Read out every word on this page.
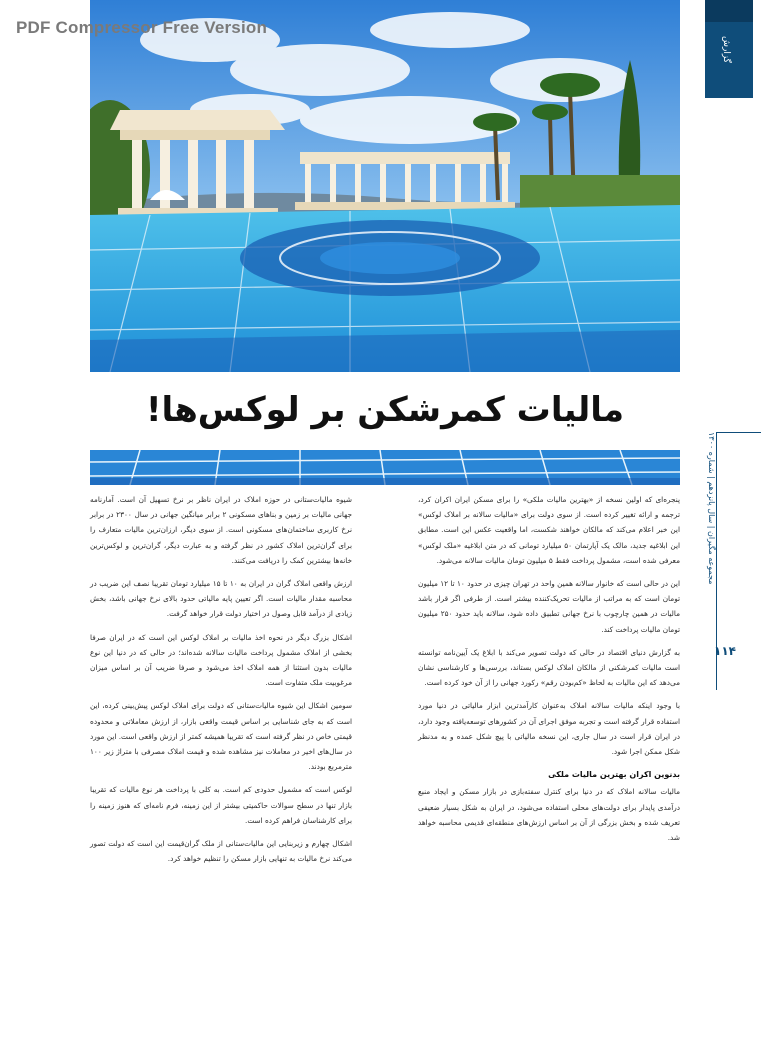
PDF Compressor Free Version
مالیات کمرشکن بر لوکس‌ها!

پنجره‌ای که اولین نسخه از «بهترین مالیات ملکی» را برای مسکن ایران اکران کرد، ترجمه و ارائه تغییر کرده است. از سوی دولت برای «مالیات سالانه بر املاک لوکس» این خبر اعلام می‌کند که مالکان خواهند شکست، اما واقعیت عکس این است. مطابق این ابلاغیه جدید، مالک یک آپارتمان ۵۰ میلیارد تومانی که در متن ابلاغیه «ملک لوکس» معرفی شده است، مشمول پرداخت فقط ۵ میلیون تومان مالیات سالانه می‌شود.

این در حالی است که خانوار سالانه همین واحد در تهران چیزی در حدود ۱۰ تا ۱۲ میلیون تومان است که به مراتب از مالیات تحریک‌کننده بیشتر است. از طرفی اگر قرار باشد مالیات در همین چارچوب با نرخ جهانی تطبیق داده شود، سالانه باید حدود ۲۵۰ میلیون تومان مالیات پرداخت کند.

به گزارش دنیای اقتصاد در حالی که دولت تصویر می‌کند با ابلاغ یک آیین‌نامه توانسته است مالیات کمرشکنی از مالکان املاک لوکس بستاند، بررسی‌ها و کارشناسی نشان می‌دهد که این مالیات به لحاظ «کم‌بودن رقم» رکورد جهانی را از آن خود کرده است.

با وجود اینکه مالیات سالانه املاک به‌عنوان کارآمدترین ابزار مالیاتی در دنیا مورد استفاده قرار گرفته است و تجربه موفق اجرای آن در کشورهای توسعه‌یافته وجود دارد، در ایران قرار است در سال جاری، این نسخه مالیاتی با پیچ شکل عمده و به مدنظر شکل ممکن اجرا شود.

بدنوین اکران بهترین مالیات ملکی

مالیات سالانه املاک که در دنیا برای کنترل سفته‌بازی در بازار مسکن و ایجاد منبع درآمدی پایدار برای دولت‌های محلی استفاده می‌شود، در ایران به شکل بسیار ضعیفی تعریف شده و بخش بزرگی از آن بر اساس ارزش‌های منطقه‌ای قدیمی محاسبه خواهد شد.

شیوه مالیات‌ستانی در حوزه املاک در ایران ناظر بر نرخ تسهیل آن است. آمارنامه جهانی مالیات بر زمین و بناهای مسکونی ۲ برابر میانگین جهانی در سال ۲۳۰۰ در برابر نرخ کاربری ساختمان‌های مسکونی است. از سوی دیگر، ارزان‌ترین مالیات متعارف را برای گران‌ترین املاک کشور در نظر گرفته و به عبارت دیگر، گران‌ترین و لوکس‌ترین خانه‌ها بیشترین کمک را دریافت می‌کنند.

ارزش واقعی املاک گران در ایران به ۱۰ تا ۱۵ میلیارد تومان تقریبا نصف این ضریب در محاسبه مقدار مالیات است. اگر تعیین پایه مالیاتی حدود بالای نرخ جهانی باشد، بخش زیادی از درآمد قابل وصول در اختیار دولت قرار خواهد گرفت.

اشکال بزرگ دیگر در نحوه اخذ مالیات بر املاک لوکس این است که در ایران صرفا بخشی از املاک مشمول پرداخت مالیات سالانه شده‌اند؛ در حالی که در دنیا این نوع مالیات بدون استثنا از همه املاک اخذ می‌شود و صرفا ضریب آن بر اساس میزان مرغوبیت ملک متفاوت است.

سومین اشکال این شیوه مالیات‌ستانی که دولت برای املاک لوکس پیش‌بینی کرده، این است که به جای شناسایی بر اساس قیمت واقعی بازار، از ارزش معاملاتی و محدوده قیمتی خاص در نظر گرفته است که تقریبا همیشه کمتر از ارزش واقعی است. این مورد در سال‌های اخیر در معاملات نیز مشاهده شده و قیمت املاک مصرفی با متراژ زیر ۱۰۰ مترمربع بودند.

لوکس است که مشمول حدودی کم است. به کلی با پرداخت هر نوع مالیات که تقریبا بازار تنها در سطح سوالات حاکمیتی بیشتر از این زمینه، فرم نامه‌ای که هنوز زمینه را برای کارشناسان فراهم کرده است.

اشکال چهارم و زیربنایی این مالیات‌ستانی از ملک گران‌قیمت این است که دولت تصور می‌کند نرخ مالیات به تنهایی بازار مسکن را تنظیم خواهد کرد.

گزارش
مجموعه مگیران | سال پانزدهم | شماره ۱۳۰۰
۱۱۴
